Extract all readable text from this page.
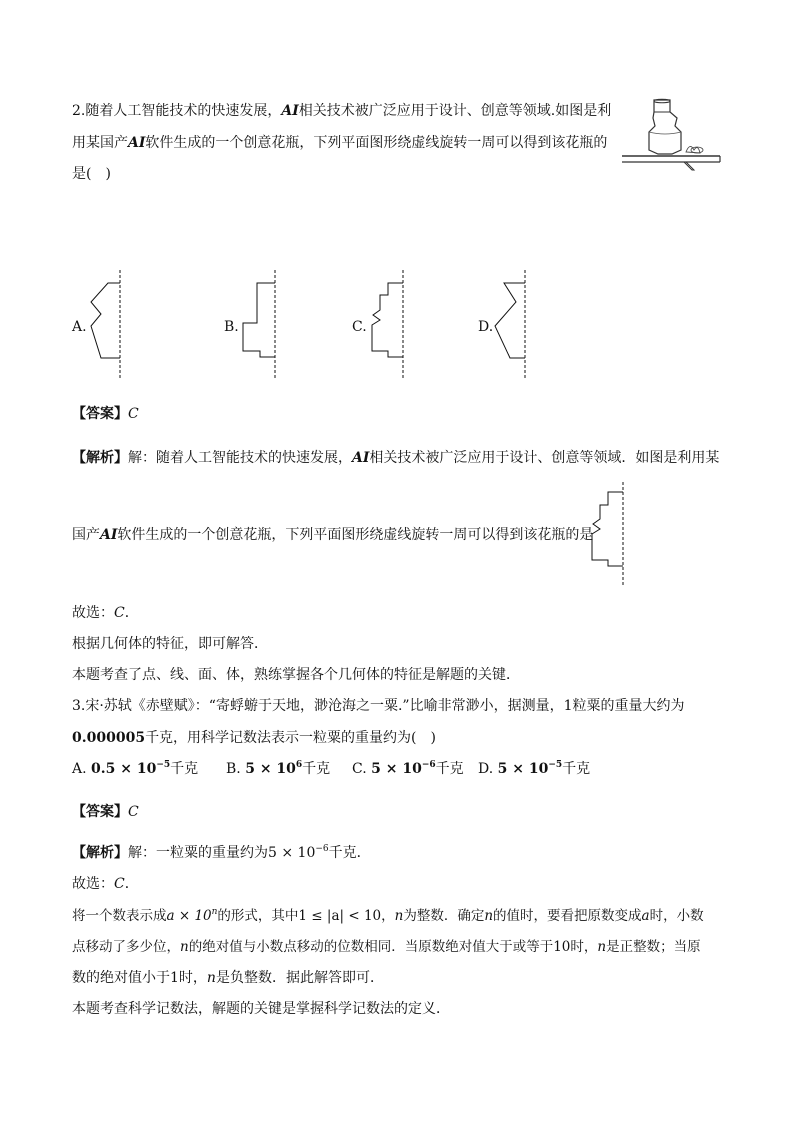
2.随着人工智能技术的快速发展，AI相关技术被广泛应用于设计、创意等领域.如图是利
用某国产AI软件生成的一个创意花瓶，下列平面图形绕虚线旋转一周可以得到该花瓶的
是(　)
A.	B.	C.	D.
【答案】C
【解析】解：随着人工智能技术的快速发展，AI相关技术被广泛应用于设计、创意等领域．如图是利用某
国产AI软件生成的一个创意花瓶，下列平面图形绕虚线旋转一周可以得到该花瓶的是
故选：C．
根据几何体的特征，即可解答．
本题考查了点、线、面、体，熟练掌握各个几何体的特征是解题的关键．
3.宋·苏轼《赤壁赋》：“寄蜉蝣于天地，渺沧海之一粟.”比喻非常渺小，据测量，1粒粟的重量大约为
0.000005千克，用科学记数法表示一粒粟的重量约为(　)
A. $0.5 \times 10^{-5}$千克 B. $5 \times 10^6$千克 C. $5 \times 10^{-6}$千克 D. $5 \times 10^{-5}$千克
【答案】C
【解析】解：一粒粟的重量约为$5 \times 10^{-6}$千克．
故选：C．
将一个数表示成$a \times 10^n$的形式，其中1 ≤ |a| < 10，n为整数．确定n的值时，要看把原数变成a时，小数
点移动了多少位，n的绝对值与小数点移动的位数相同．当原数绝对值大于或等于10时，n是正整数；当原
数的绝对值小于1时，n是负整数．据此解答即可．
本题考查科学记数法，解题的关键是掌握科学记数法的定义．
